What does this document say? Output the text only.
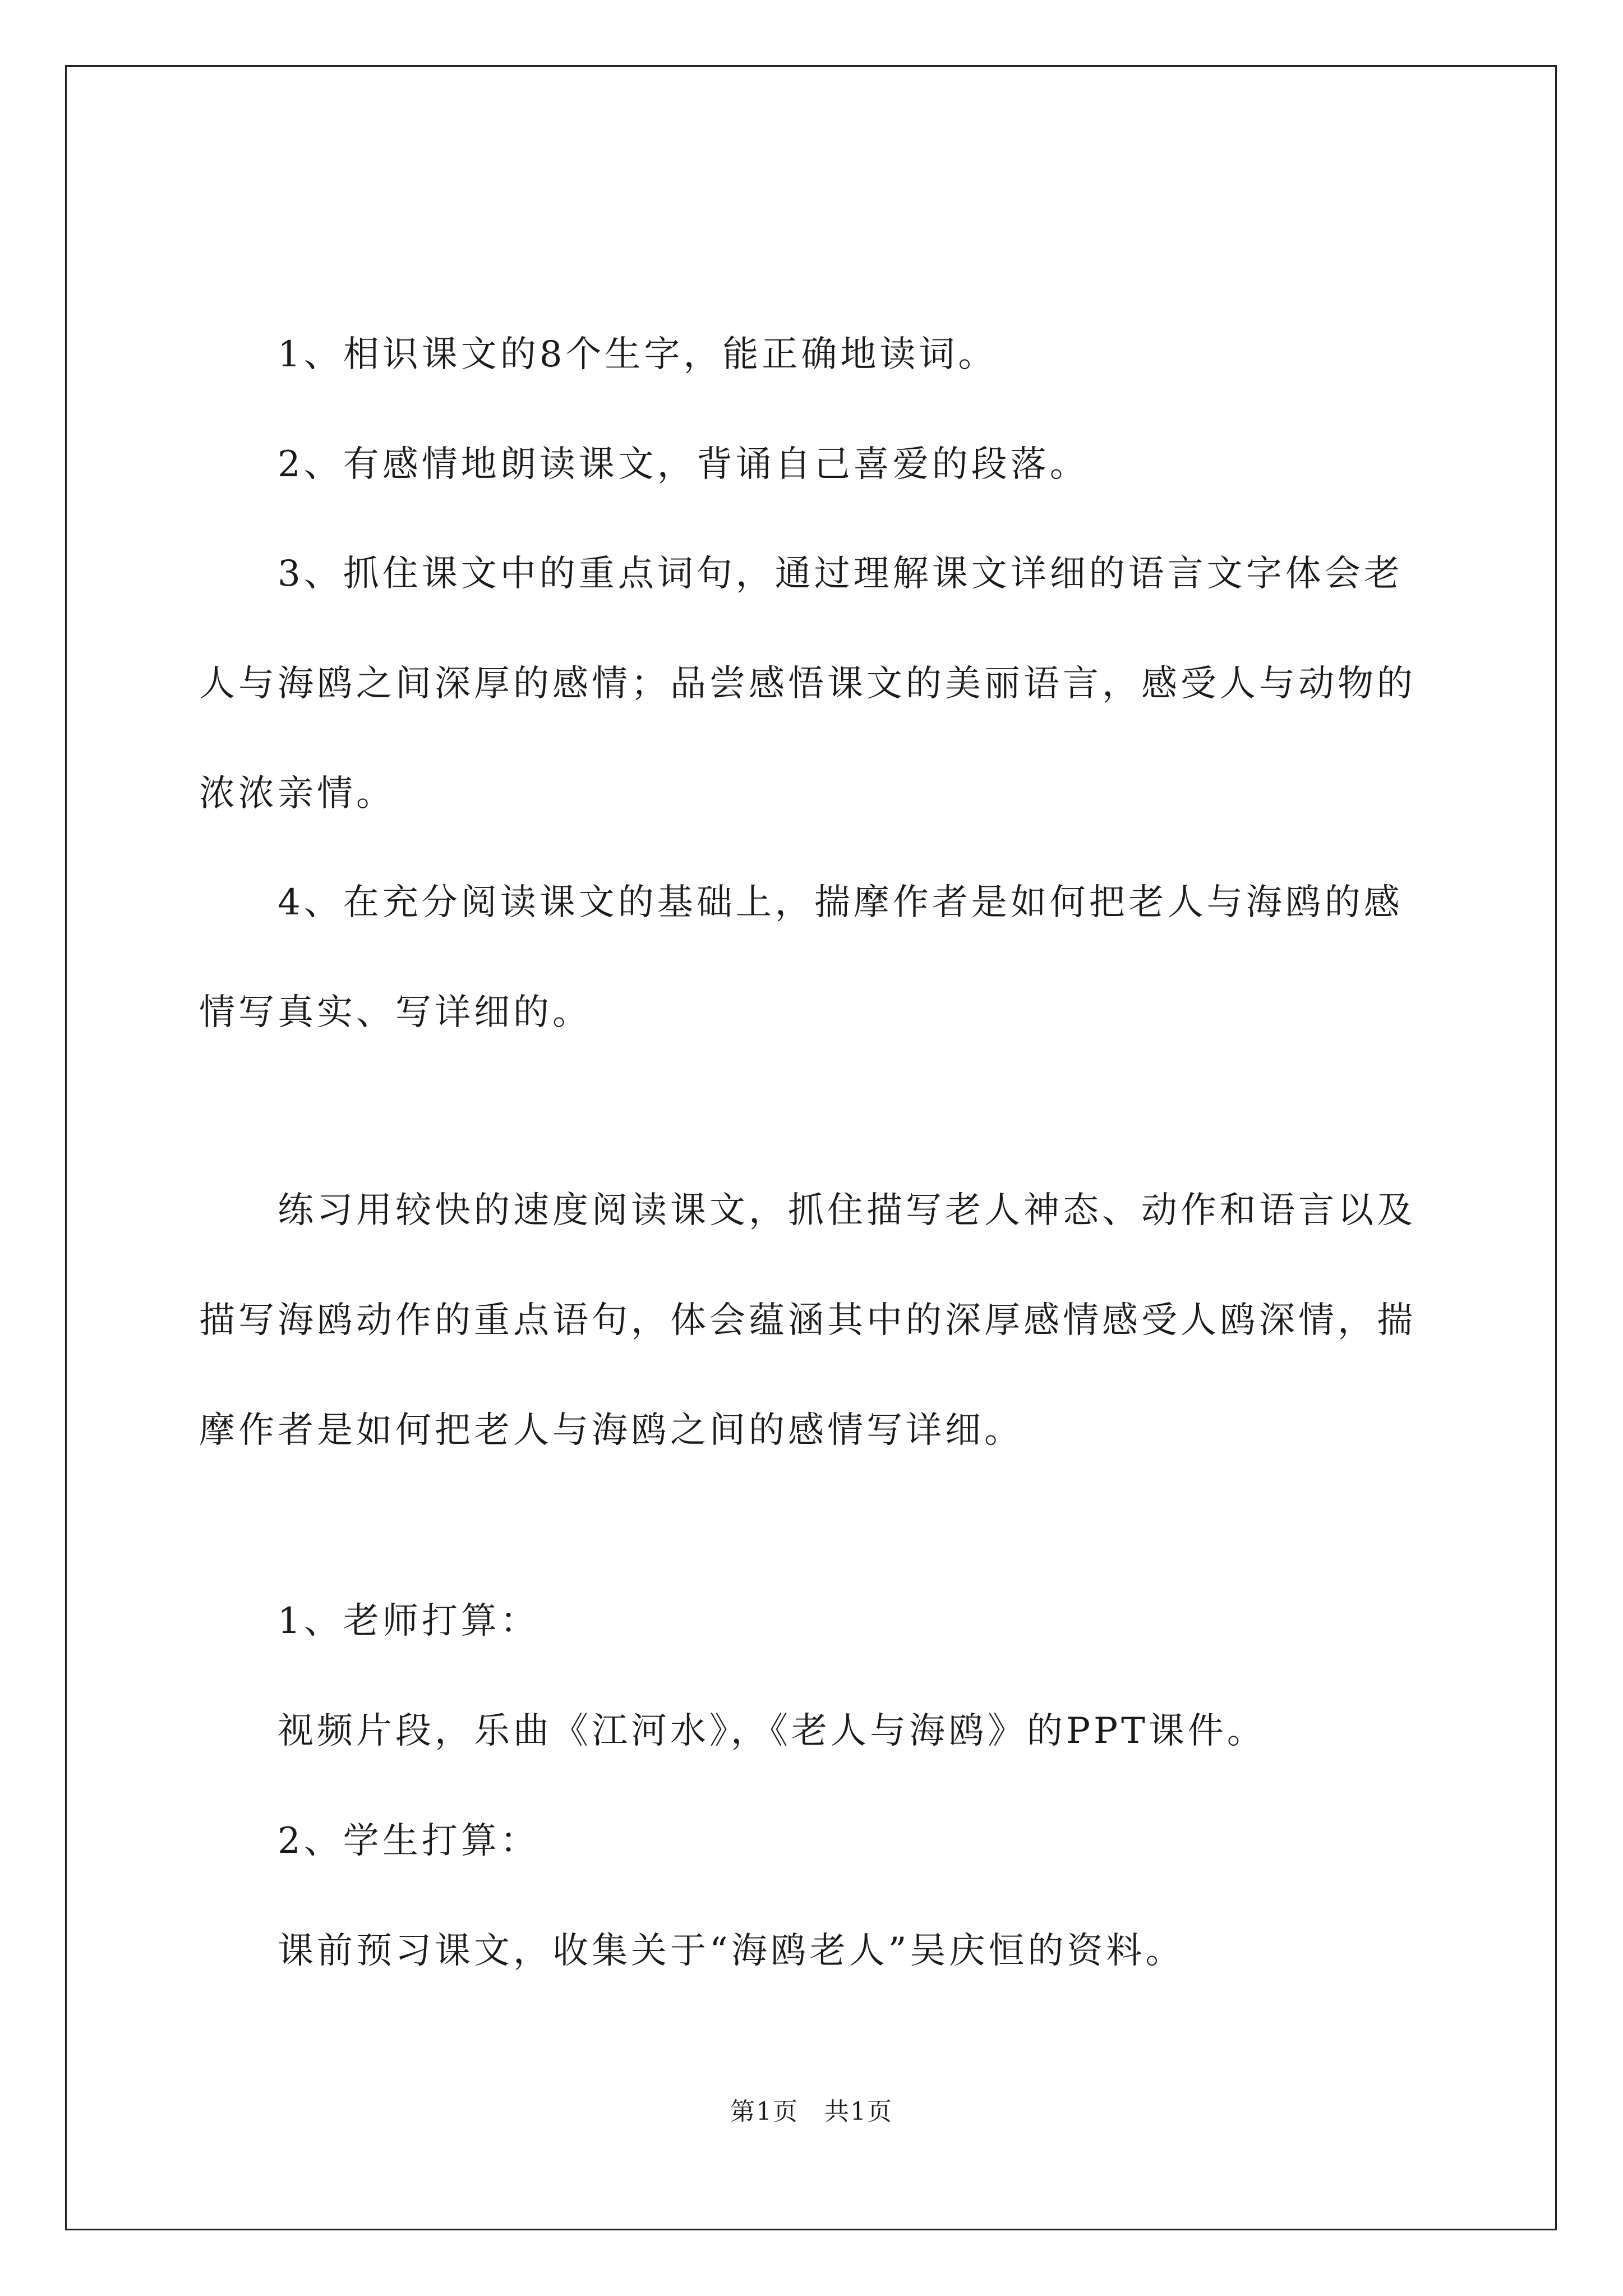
1、相识课文的8个生字，能正确地读词。

2、有感情地朗读课文，背诵自己喜爱的段落。

3、抓住课文中的重点词句，通过理解课文详细的语言文字体会老人与海鸥之间深厚的感情；品尝感悟课文的美丽语言，感受人与动物的浓浓亲情。

4、在充分阅读课文的基础上，揣摩作者是如何把老人与海鸥的感情写真实、写详细的。

练习用较快的速度阅读课文，抓住描写老人神态、动作和语言以及描写海鸥动作的重点语句，体会蕴涵其中的深厚感情感受人鸥深情，揣摩作者是如何把老人与海鸥之间的感情写详细。

1、老师打算：

视频片段，乐曲《江河水》，《老人与海鸥》的PPT课件。

2、学生打算：

课前预习课文，收集关于“海鸥老人”吴庆恒的资料。

第1页　共1页
